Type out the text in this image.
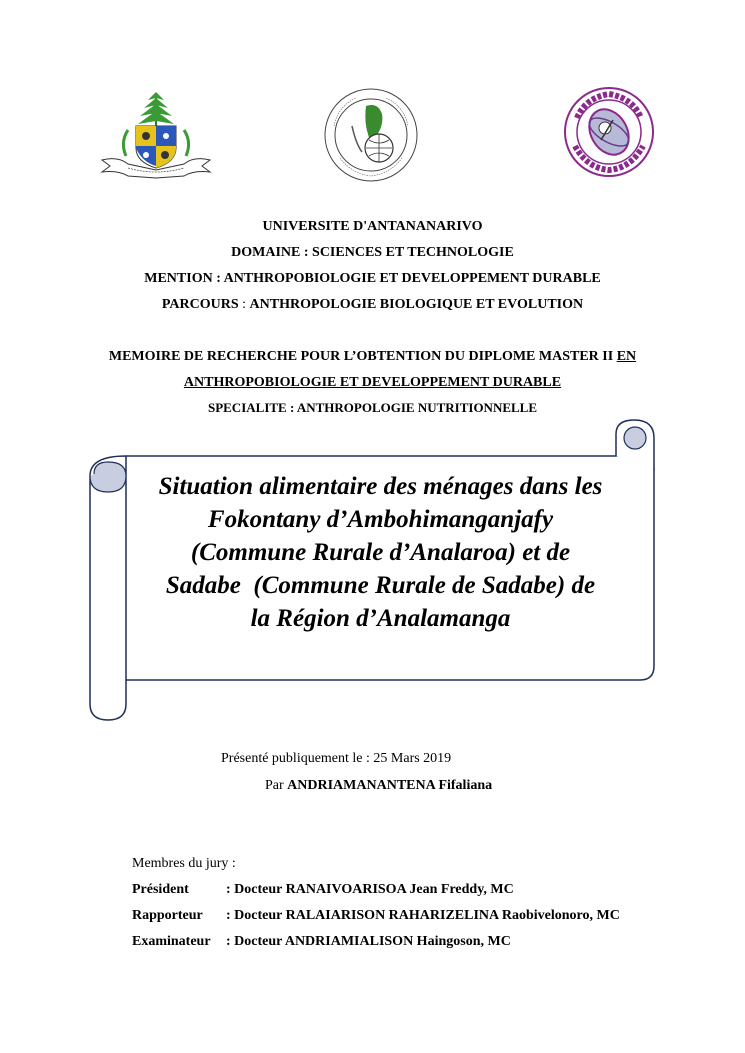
UNIVERSITE D'ANTANANARIVO
DOMAINE : SCIENCES ET TECHNOLOGIE
MENTION : ANTHROPOBIOLOGIE ET DEVELOPPEMENT DURABLE
PARCOURS : ANTHROPOLOGIE BIOLOGIQUE ET EVOLUTION
MEMOIRE DE RECHERCHE POUR L’OBTENTION DU DIPLOME MASTER II EN
ANTHROPOBIOLOGIE ET DEVELOPPEMENT DURABLE
SPECIALITE : ANTHROPOLOGIE NUTRITIONNELLE
Situation alimentaire des ménages dans les
Fokontany d’Ambohimanganjafy
(Commune Rurale d’Analaroa) et de
Sadabe  (Commune Rurale de Sadabe) de
la Région d’Analamanga
Présenté publiquement le : 25 Mars 2019
Par ANDRIAMANANTENA Fifaliana
Membres du jury :
Président	: Docteur RANAIVOARISOA Jean Freddy, MC
Rapporteur : Docteur RALAIARISON RAHARIZELINA Raobivelonoro, MC
Examinateur : Docteur ANDRIAMIALISON Haingoson, MC
